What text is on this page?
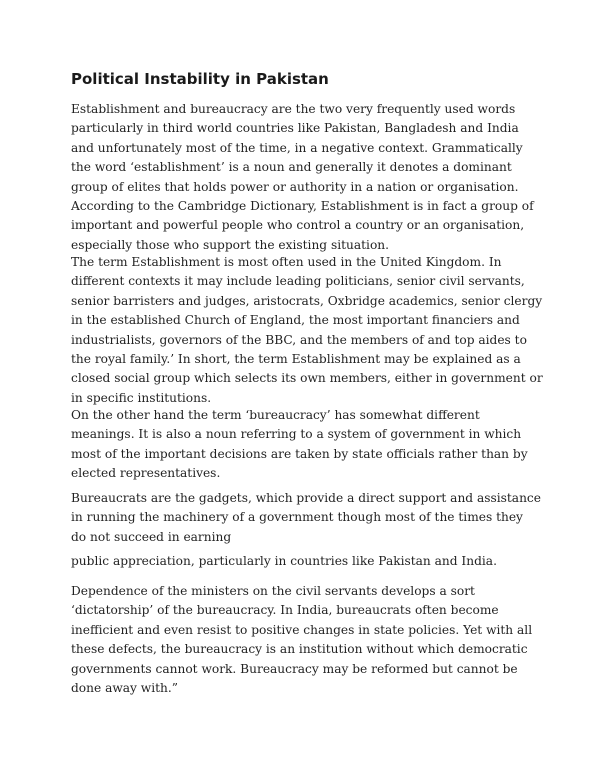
Political Instability in Pakistan

Establishment and bureaucracy are the two very frequently used words
particularly in third world countries like Pakistan, Bangladesh and India
and unfortunately most of the time, in a negative context. Grammatically
the word ‘establishment’ is a noun and generally it denotes a dominant
group of elites that holds power or authority in a nation or organisation.
According to the Cambridge Dictionary, Establishment is in fact a group of
important and powerful people who control a country or an organisation,
especially those who support the existing situation.

The term Establishment is most often used in the United Kingdom. In
different contexts it may include leading politicians, senior civil servants,
senior barristers and judges, aristocrats, Oxbridge academics, senior clergy
in the established Church of England, the most important financiers and
industrialists, governors of the BBC, and the members of and top aides to
the royal family.’ In short, the term Establishment may be explained as a
closed social group which selects its own members, either in government or
in specific institutions.

On the other hand the term ‘bureaucracy’ has somewhat different
meanings. It is also a noun referring to a system of government in which
most of the important decisions are taken by state officials rather than by
elected representatives.

Bureaucrats are the gadgets, which provide a direct support and assistance
in running the machinery of a government though most of the times they
do not succeed in earning

public appreciation, particularly in countries like Pakistan and India.

Dependence of the ministers on the civil servants develops a sort
‘dictatorship’ of the bureaucracy. In India, bureaucrats often become
inefficient and even resist to positive changes in state policies. Yet with all
these defects, the bureaucracy is an institution without which democratic
governments cannot work. Bureaucracy may be reformed but cannot be
done away with.”
